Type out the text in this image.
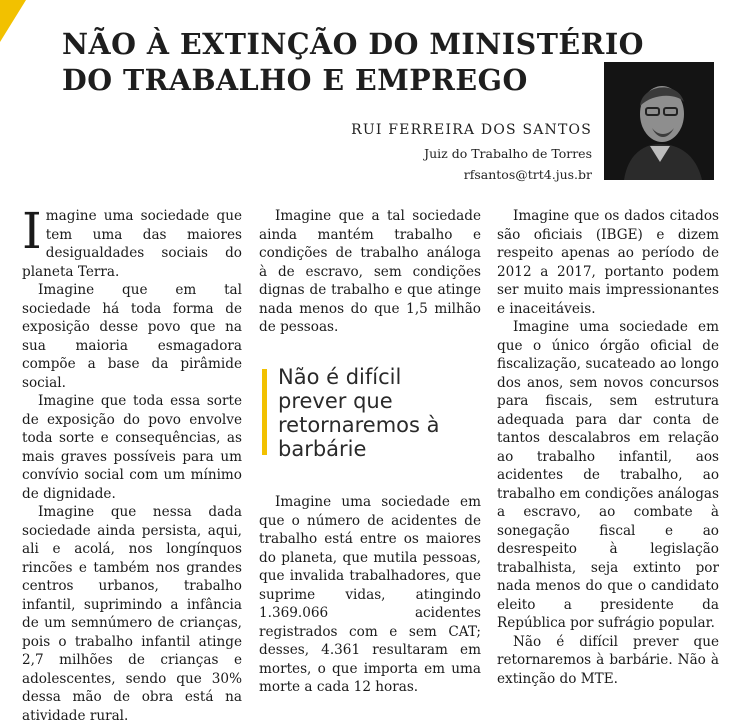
NÃO À EXTINÇÃO DO MINISTÉRIO
DO TRABALHO E EMPREGO
RUI FERREIRA DOS SANTOS
Juiz do Trabalho de Torres
rfsantos@trt4.jus.br

Imagine uma sociedade que tem uma das maiores desigualdades sociais do planeta Terra.

Imagine que em tal sociedade há toda forma de exposição desse povo que na sua maioria esmagadora compõe a base da pirâmide social.

Imagine que toda essa sorte de exposição do povo envolve toda sorte e consequências, as mais graves possíveis para um convívio social com um mínimo de dignidade.

Imagine que nessa dada sociedade ainda persista, aqui, ali e acolá, nos longínquos rincões e também nos grandes centros urbanos, trabalho infantil, suprimindo a infância de um semnúmero de crianças, pois o trabalho infantil atinge 2,7 milhões de crianças e adolescentes, sendo que 30% dessa mão de obra está na atividade rural.

Imagine que a tal sociedade ainda mantém trabalho e condições de trabalho análoga à de escravo, sem condições dignas de trabalho e que atinge nada menos do que 1,5 milhão de pessoas.

Não é difícil prever que retornaremos à barbárie

Imagine uma sociedade em que o número de acidentes de trabalho está entre os maiores do planeta, que mutila pessoas, que invalida trabalhadores, que suprime vidas, atingindo 1.369.066 acidentes registrados com e sem CAT; desses, 4.361 resultaram em mortes, o que importa em uma morte a cada 12 horas.

Imagine que os dados citados são oficiais (IBGE) e dizem respeito apenas ao período de 2012 a 2017, portanto podem ser muito mais impressionantes e inaceitáveis.

Imagine uma sociedade em que o único órgão oficial de fiscalização, sucateado ao longo dos anos, sem novos concursos para fiscais, sem estrutura adequada para dar conta de tantos descalabros em relação ao trabalho infantil, aos acidentes de trabalho, ao trabalho em condições análogas a escravo, ao combate à sonegação fiscal e ao desrespeito à legislação trabalhista, seja extinto por nada menos do que o candidato eleito a presidente da República por sufrágio popular.

Não é difícil prever que retornaremos à barbárie. Não à extinção do MTE.
